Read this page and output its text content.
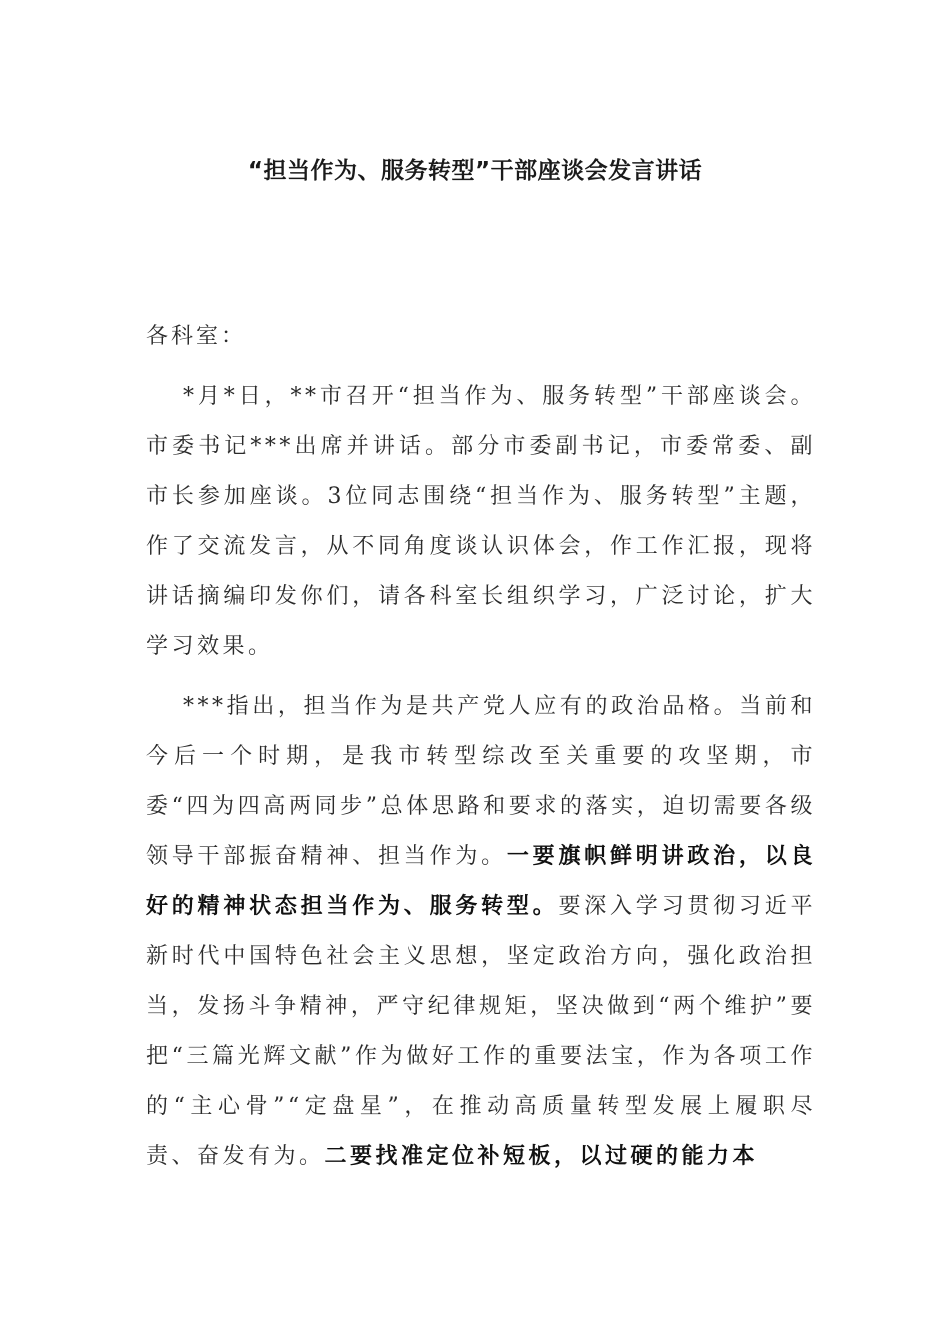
“担当作为、服务转型”干部座谈会发言讲话
各科室：
*月*日，**市召开“担当作为、服务转型”干部座谈会。市委书记***出席并讲话。部分市委副书记，市委常委、副市长参加座谈。3位同志围绕“担当作为、服务转型”主题，作了交流发言，从不同角度谈认识体会，作工作汇报，现将讲话摘编印发你们，请各科室长组织学习，广泛讨论，扩大学习效果。
***指出，担当作为是共产党人应有的政治品格。当前和今后一个时期，是我市转型综改至关重要的攻坚期，市委“四为四高两同步”总体思路和要求的落实，迫切需要各级领导干部振奋精神、担当作为。一要旗帜鲜明讲政治，以良好的精神状态担当作为、服务转型。要深入学习贯彻习近平新时代中国特色社会主义思想，坚定政治方向，强化政治担当，发扬斗争精神，严守纪律规矩，坚决做到“两个维护”要把“三篇光辉文献”作为做好工作的重要法宝，作为各项工作的“主心骨”“定盘星”，在推动高质量转型发展上履职尽责、奋发有为。二要找准定位补短板，以过硬的能力本
